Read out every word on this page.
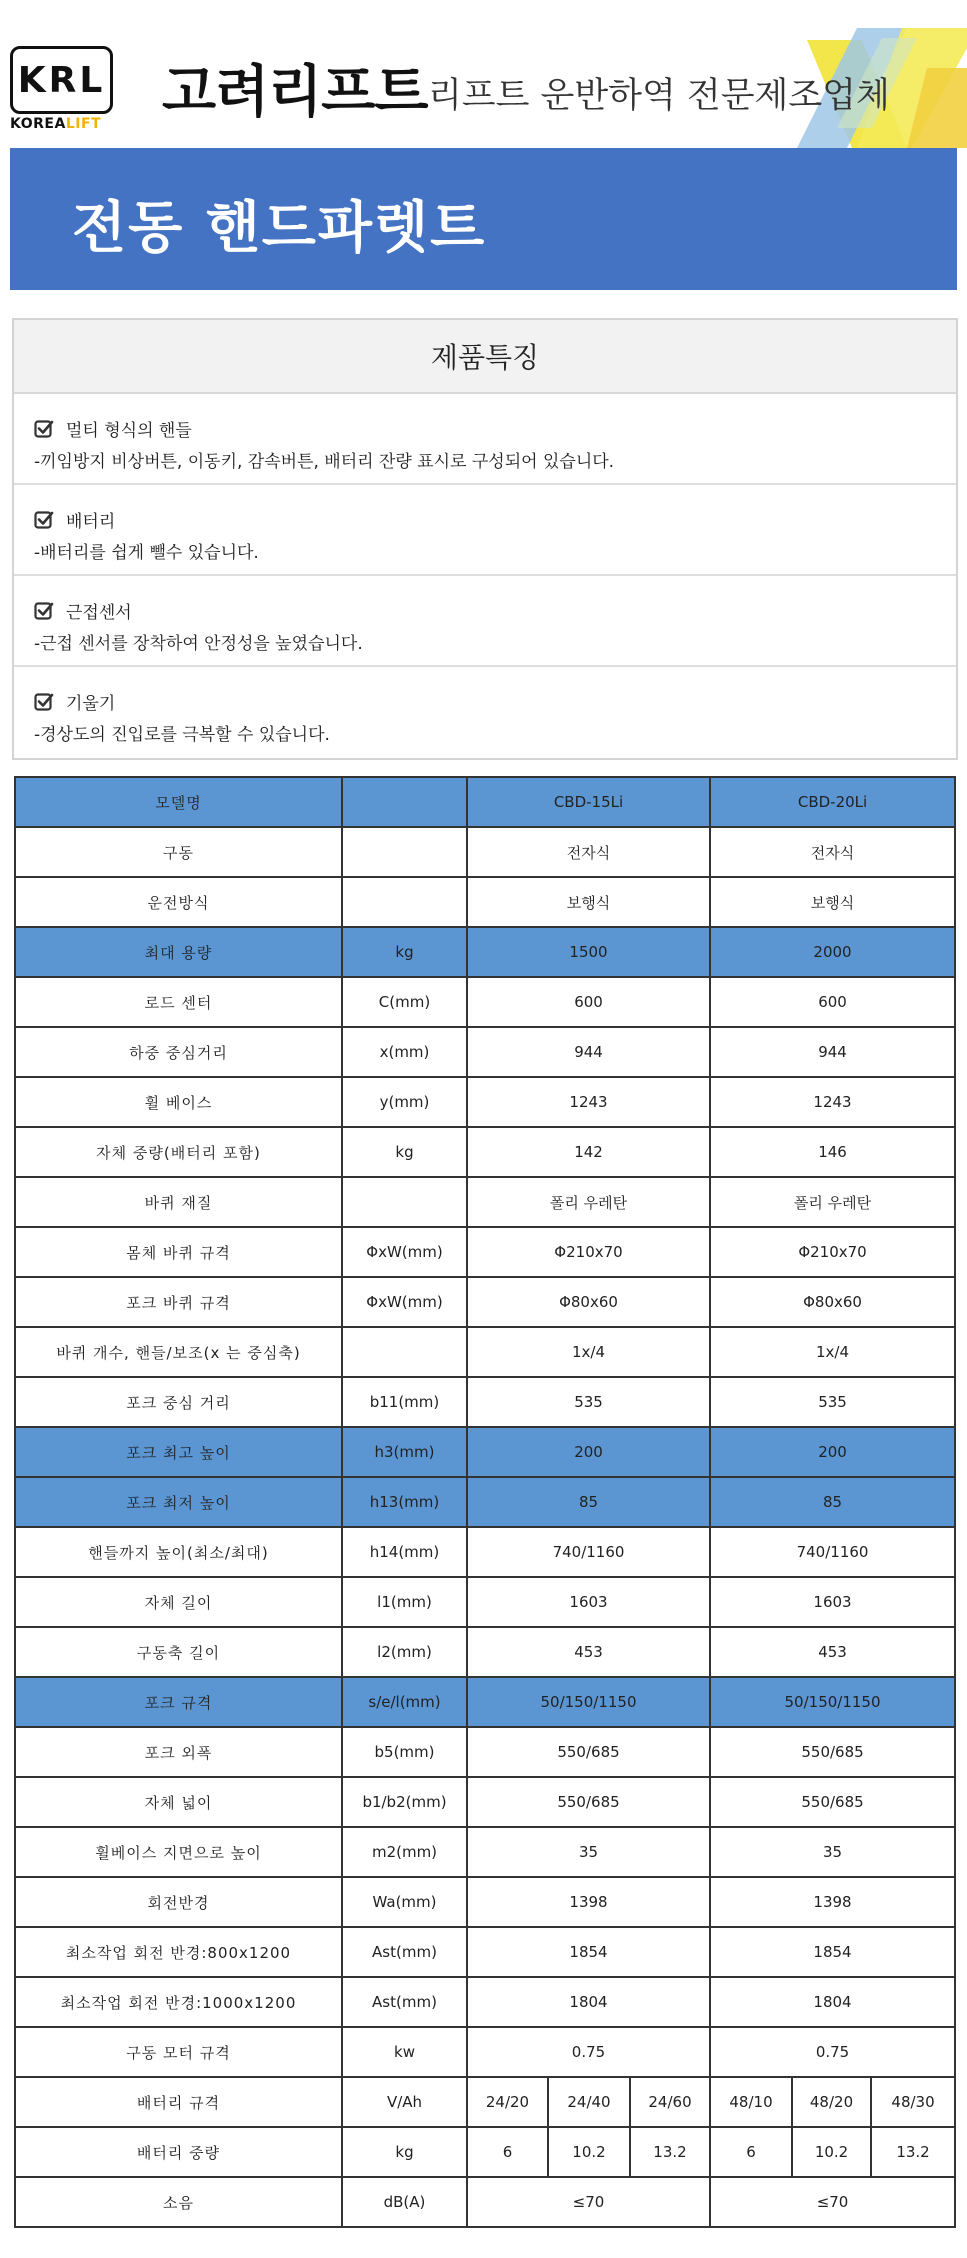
KRL
KOREALIFT 고려리프트 리프트 운반하역 전문제조업체
전동 핸드파렛트
제품특징
멀티 형식의 핸들
-끼임방지 비상버튼, 이동키, 감속버튼, 배터리 잔량 표시로 구성되어 있습니다.
배터리
-배터리를 쉽게 뺄수 있습니다.
근접센서
-근접 센서를 장착하여 안정성을 높였습니다.
기울기
-경상도의 진입로를 극복할 수 있습니다.
모델명		CBD-15Li			CBD-20Li		
구동		전자식			전자식		
운전방식		보행식			보행식		
최대 용량	kg	1500			2000		
로드 센터	C(mm)	600			600		
하중 중심거리	x(mm)	944			944		
휠 베이스	y(mm)	1243			1243		
자체 중량(배터리 포함)	kg	142			146		
바퀴 재질		폴리 우레탄			폴리 우레탄		
몸체 바퀴 규격	ΦxW(mm)	Φ210x70			Φ210x70		
포크 바퀴 규격	ΦxW(mm)	Φ80x60			Φ80x60		
바퀴 개수, 핸들/보조(x 는 중심축)		1x/4			1x/4		
포크 중심 거리	b11(mm)	535			535		
포크 최고 높이	h3(mm)	200			200		
포크 최저 높이	h13(mm)	85			85		
핸들까지 높이(최소/최대)	h14(mm)	740/1160			740/1160		
자체 길이	l1(mm)	1603			1603		
구동축 길이	l2(mm)	453			453		
포크 규격	s/e/l(mm)	50/150/1150			50/150/1150		
포크 외폭	b5(mm)	550/685			550/685		
자체 넓이	b1/b2(mm)	550/685			550/685		
휠베이스 지면으로 높이	m2(mm)	35			35		
회전반경	Wa(mm)	1398			1398		
최소작업 회전 반경:800x1200	Ast(mm)	1854			1854		
최소작업 회전 반경:1000x1200	Ast(mm)	1804			1804		
구동 모터 규격	kw	0.75			0.75		
배터리 규격	V/Ah	24/20	24/40	24/60	48/10	48/20	48/30
배터리 중량	kg	6	10.2	13.2	6	10.2	13.2
소음	dB(A)	≤70			≤70		
